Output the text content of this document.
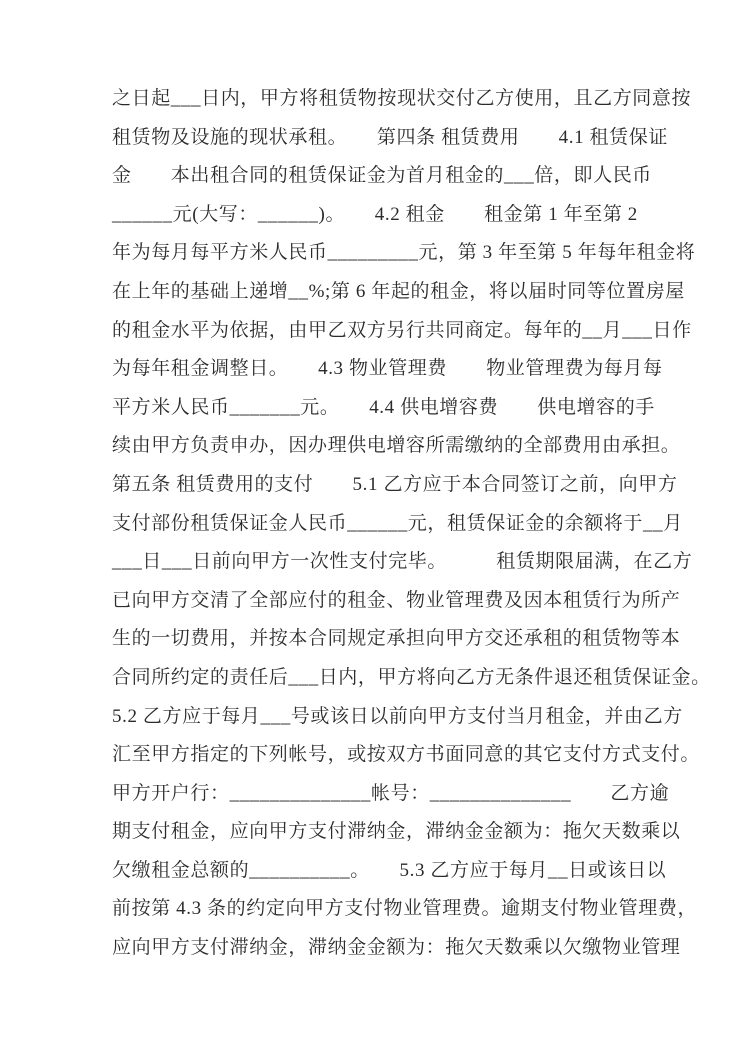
之日起___日内，甲方将租赁物按现状交付乙方使用，且乙方同意按
租赁物及设施的现状承租。　　第四条 租赁费用　　4.1 租赁保证
金　　本出租合同的租赁保证金为首月租金的___倍，即人民币
______元(大写：______)。　　4.2 租金　　租金第 1 年至第 2
年为每月每平方米人民币_________元，第 3 年至第 5 年每年租金将
在上年的基础上递增__%;第 6 年起的租金，将以届时同等位置房屋
的租金水平为依据，由甲乙双方另行共同商定。每年的__月___日作
为每年租金调整日。　　4.3 物业管理费　　物业管理费为每月每
平方米人民币_______元。　　4.4 供电增容费　　供电增容的手
续由甲方负责申办，因办理供电增容所需缴纳的全部费用由承担。
第五条 租赁费用的支付　　5.1 乙方应于本合同签订之前，向甲方
支付部份租赁保证金人民币______元，租赁保证金的余额将于__月
___日___日前向甲方一次性支付完毕。　　　租赁期限届满，在乙方
已向甲方交清了全部应付的租金、物业管理费及因本租赁行为所产
生的一切费用，并按本合同规定承担向甲方交还承租的租赁物等本
合同所约定的责任后___日内，甲方将向乙方无条件退还租赁保证金。
5.2 乙方应于每月___号或该日以前向甲方支付当月租金，并由乙方
汇至甲方指定的下列帐号，或按双方书面同意的其它支付方式支付。
甲方开户行：______________帐号：______________　　乙方逾
期支付租金，应向甲方支付滞纳金，滞纳金金额为：拖欠天数乘以
欠缴租金总额的__________。　　5.3 乙方应于每月__日或该日以
前按第 4.3 条的约定向甲方支付物业管理费。逾期支付物业管理费，
应向甲方支付滞纳金，滞纳金金额为：拖欠天数乘以欠缴物业管理
